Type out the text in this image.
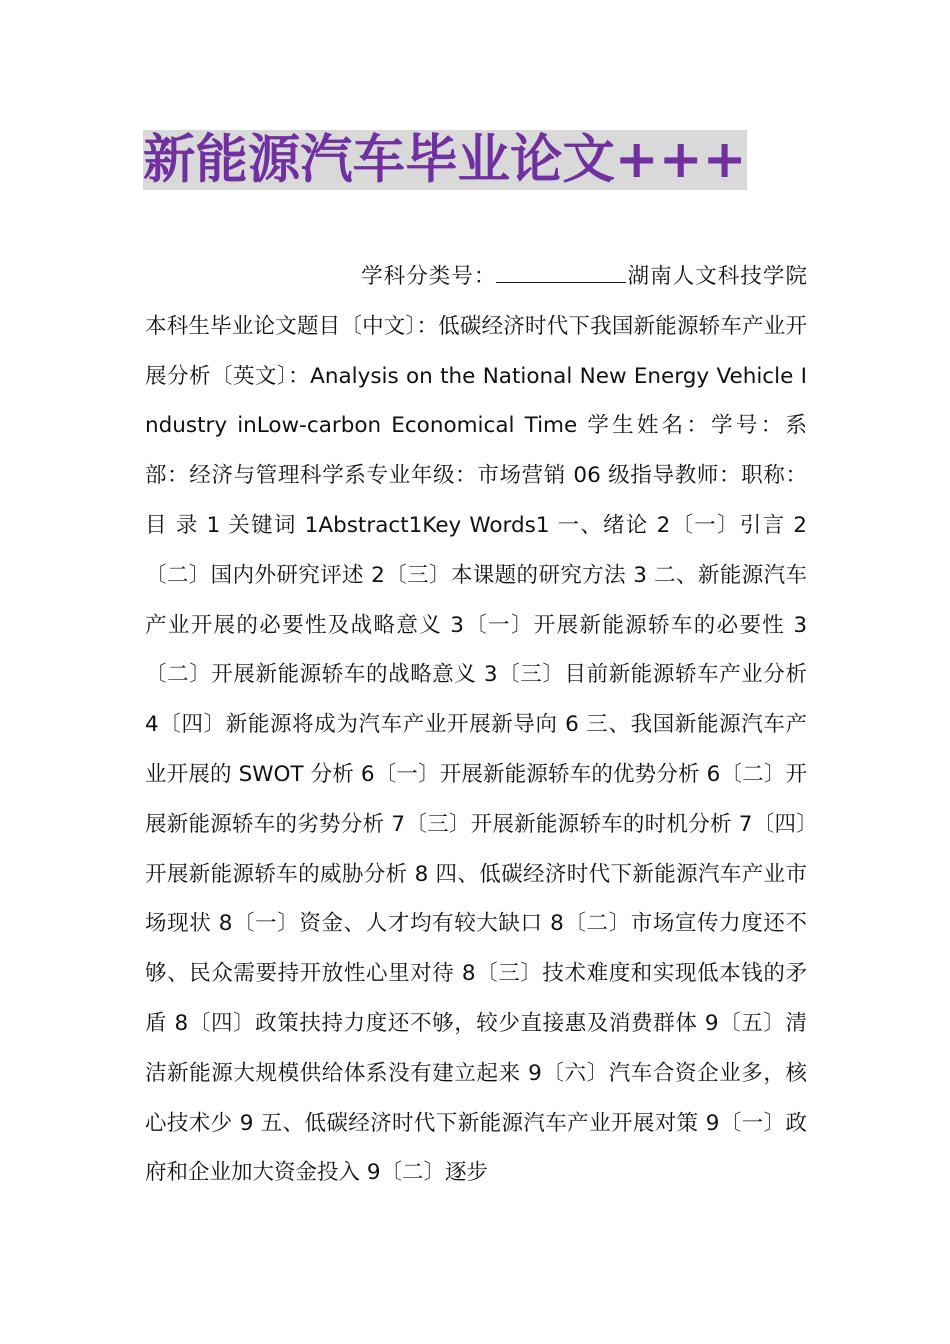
新能源汽车毕业论文+++

学科分类号：	湖南人文科技学院本科生毕业论文题目〔中文〕：低碳经济时代下我国新能源轿车产业开展分析〔英文〕：Analysis on the National New Energy Vehicle Industry inLow-carbon Economical Time 学生姓名：学号：系部：经济与管理科学系专业年级：市场营销 06 级指导教师：职称：目 录 1 关键词 1Abstract1Key Words1 一、绪论 2〔一〕引言 2〔二〕国内外研究评述 2〔三〕本课题的研究方法 3 二、新能源汽车产业开展的必要性及战略意义 3〔一〕开展新能源轿车的必要性 3〔二〕开展新能源轿车的战略意义 3〔三〕目前新能源轿车产业分析 4〔四〕新能源将成为汽车产业开展新导向 6 三、我国新能源汽车产业开展的 SWOT 分析 6〔一〕开展新能源轿车的优势分析 6〔二〕开展新能源轿车的劣势分析 7〔三〕开展新能源轿车的时机分析 7〔四〕开展新能源轿车的威胁分析 8 四、低碳经济时代下新能源汽车产业市场现状 8〔一〕资金、人才均有较大缺口 8〔二〕市场宣传力度还不够、民众需要持开放性心里对待 8〔三〕技术难度和实现低本钱的矛盾 8〔四〕政策扶持力度还不够，较少直接惠及消费群体 9〔五〕清洁新能源大规模供给体系没有建立起来 9〔六〕汽车合资企业多，核心技术少 9 五、低碳经济时代下新能源汽车产业开展对策 9〔一〕政府和企业加大资金投入 9〔二〕逐步
